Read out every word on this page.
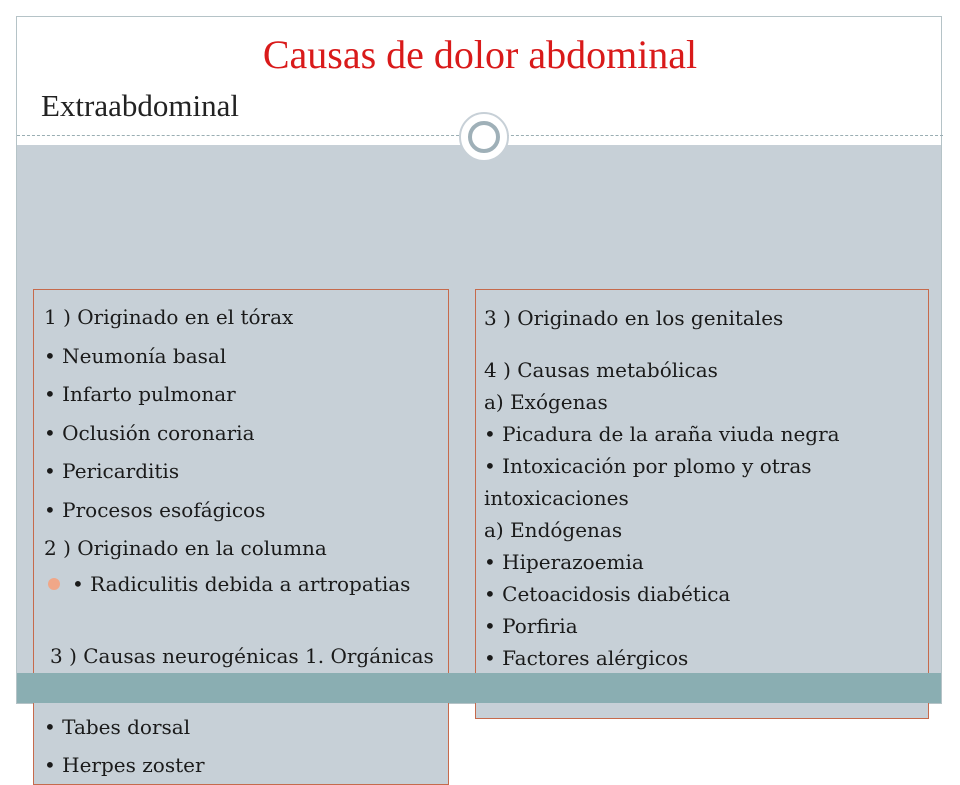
Causas de dolor abdominal
Extraabdominal
1 ) Originado en el tórax
• Neumonía basal
• Infarto pulmonar
• Oclusión coronaria
• Pericarditis
• Procesos esofágicos
2 ) Originado en la columna
• Radiculitis debida a artropatias
3 ) Causas neurogénicas 1. Orgánicas
• Tabes dorsal
• Herpes zoster
3 ) Originado en los genitales
4 ) Causas metabólicas
a) Exógenas
• Picadura de la araña viuda negra
• Intoxicación por plomo y otras intoxicaciones
a) Endógenas
• Hiperazoemia
• Cetoacidosis diabética
• Porfiria
• Factores alérgicos
